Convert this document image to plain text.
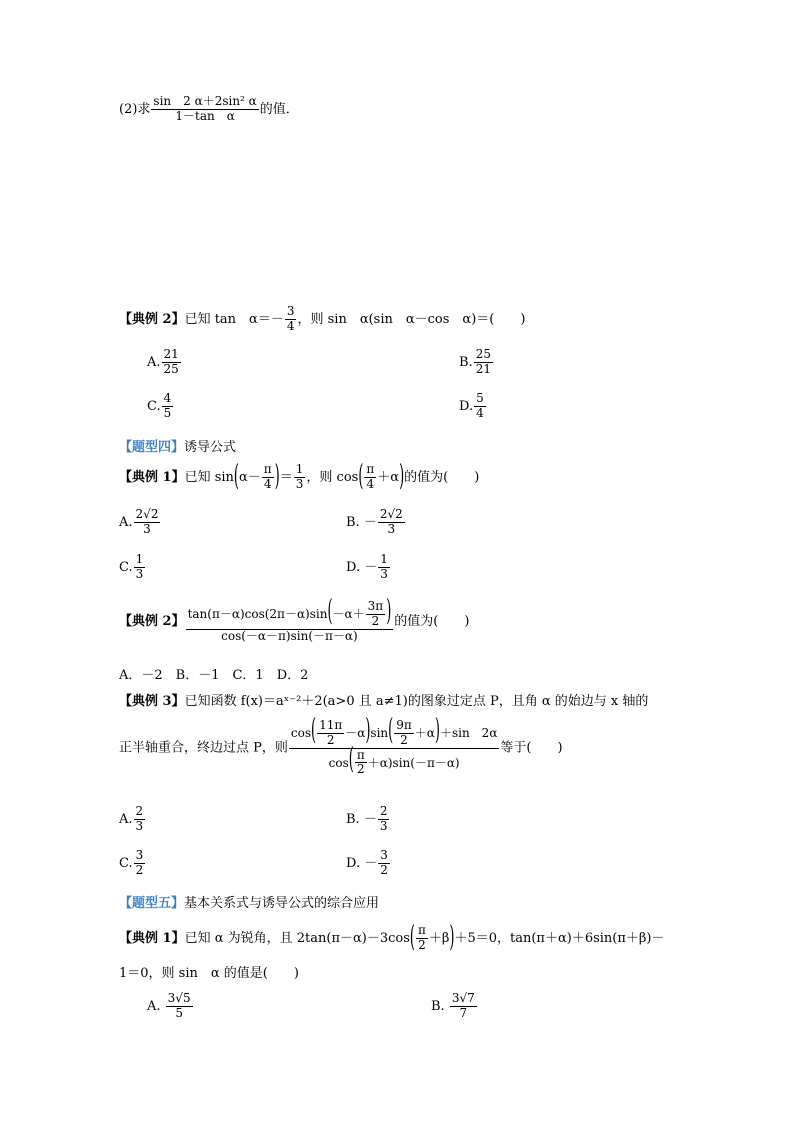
(2)求 $\frac{\text{sin　2 α＋2sin² α}}{\text{1－tan　α}}$ 的值．
【典例 2】已知 tan　$\alpha=- \frac{3}{4}$ ，则 sin　α(sin　α－cos　α)＝(　　)
A. $\frac{21}{25}$	B. $\frac{25}{21}$
C. $\frac{4}{5}$	D. $\frac{5}{4}$
【题型四】诱导公式
【典例 1】已知 $\sin(\alpha- \frac{\pi}{4}$ )＝ $\frac{1}{3}$ ，则 $\cos( \frac{\pi}{4} +\alpha)$的值为(　　)
A. $\frac{2√2}{3}$	B. － $\frac{2√2}{3}$
C. $\frac{1}{3}$	D. － $\frac{1}{3}$
【典例 2】 $\frac{\tan(\pi-\alpha)\cos(2\pi-\alpha)\sin(-\alpha+ \frac{3\pi}{2} )}{\cos(-\alpha-\pi)\sin(-\pi-\alpha)}$ 的值为(　　)
A．－2　B．－1　C．1　D．2
【典例 3】已知函数 f(x)＝aˣ⁻²＋2(a>0 且 a≠1)的图象过定点 P，且角 α 的始边与 x 轴的
正半轴重合，终边过点 P，则 $\frac{\cos( \frac{11\pi}{2} -\alpha)\sin( \frac{9\pi}{2} +\alpha)+\sin 2\alpha}{\cos( \frac{\pi}{2} +\alpha)\sin(-\pi-\alpha)}$ 等于(　　)
A. $\frac{2}{3}$	B. － $\frac{2}{3}$
C. $\frac{3}{2}$	D. － $\frac{3}{2}$
【题型五】基本关系式与诱导公式的综合应用
【典例 1】已知 α 为锐角，且 $2\tan(\pi-\alpha)-3\cos( \frac{\pi}{2} +\beta)+5=0$，tan(π＋α)＋6sin(π＋β)－
1＝0，则 sin　α 的值是(　　)
A. $\frac{3√5}{5}$	B. $\frac{3√7}{7}$
